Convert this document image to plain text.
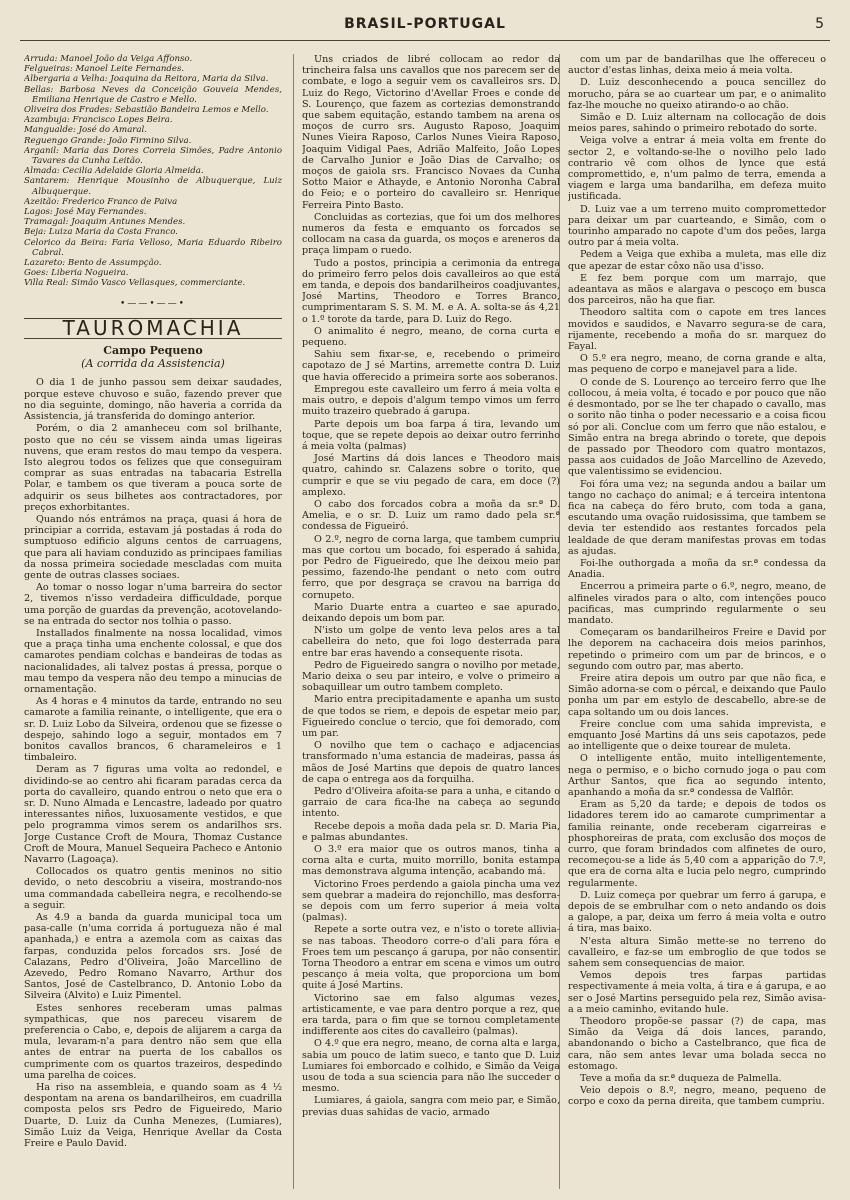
BRASIL-PORTUGAL	5
Arruda: Manoel João da Veiga Affonso.
Felgueiras: Manoel Leite Fernandes.
Albergaria a Velha: Joaquina da Reitora, Maria da Silva.
Bellas: Barbosa Neves da Conceição Gouveia Mendes, Emiliana Henrique de Castro e Mello.
Oliveira dos Frades: Sebastião Bandeira Lemos e Mello.
Azambuja: Francisco Lopes Beira.
Mangualde: José do Amaral.
Reguengo Grande: João Firmino Silva.
Arganil: Maria das Dores Correia Simões, Padre Antonio Tavares da Cunha Leitão.
Almada: Cecilia Adelaide Gloria Almeida.
Santarem: Henrique Mousinho de Albuquerque, Luiz Albuquerque.
Azeitão: Frederico Franco de Paiva
Lagos: José May Fernandes.
Tramagal: Joaquim Antunes Mendes.
Beja: Luiza Maria da Costa Franco.
Celorico da Beira: Faria Velloso, Maria Eduardo Ribeiro Cabral.
Lazareto: Bento de Assumpção.
Goes: Liberia Nogueira.
Villa Real: Simão Vasco Vellasques, commerciante.
•——•——•
TAUROMACHIA
Campo Pequeno
(A corrida da Assistencia)

O dia 1 de junho passou sem deixar saudades, porque esteve chuvoso e suão, fazendo prever que no dia seguinte, domingo, não haveria a corrida da Assistencia, já transferida do domingo anterior.

Porém, o dia 2 amanheceu com sol brilhante, posto que no céu se vissem ainda umas ligeiras nuvens, que eram restos do mau tempo da vespera. Isto alegrou todos os felizes que que conseguiram comprar as suas entradas na tabacaria Estrella Polar, e tambem os que tiveram a pouca sorte de adquirir os seus bilhetes aos contractadores, por preços exhorbitantes.

Quando nós entrámos na praça, quasi á hora de principiar a corrida, estavam já postadas á roda do sumptuoso edificio alguns centos de carruagens, que para ali haviam conduzido as principaes familias da nossa primeira sociedade mescladas com muita gente de outras classes sociaes.

Ao tomar o nosso logar n'uma barreira do sector 2, tivemos n'isso verdadeira difficuldade, porque uma porção de guardas da prevenção, acotovelando-se na entrada do sector nos tolhia o passo.

Installados finalmente na nossa localidad, vimos que a praça tinha uma enchente colossal, e que dos camarotes pendiam colchas e bandeiras de todas as nacionalidades, ali talvez postas á pressa, porque o mau tempo da vespera não deu tempo a minucias de ornamentação.

As 4 horas e 4 minutos da tarde, entrando no seu camarote a familia reinante, o intelligente, que era o sr. D. Luiz Lobo da Silveira, ordenou que se fizesse o despejo, sahindo logo a seguir, montados em 7 bonitos cavallos brancos, 6 charameleiros e 1 timbaleiro.

Deram as 7 figuras uma volta ao redondel, e dividindo-se ao centro ahi ficaram paradas cerca da porta do cavalleiro, quando entrou o neto que era o sr. D. Nuno Almada e Lencastre, ladeado por quatro interessantes niños, luxuosamente vestidos, e que pelo programma vimos serem os andarilhos srs. Jorge Custance Croft de Moura, Thomaz Custance Croft de Moura, Manuel Sequeira Pacheco e Antonio Navarro (Lagoaça).

Collocados os quatro gentis meninos no sitio devido, o neto descobriu a viseira, mostrando-nos uma commandada cabelleira negra, e recolhendo-se a seguir.

As 4.9 a banda da guarda municipal toca um pasa-calle (n'uma corrida á portugueza não é mal apanhada,) e entra a azemola com as caixas das farpas, conduzida pelos forcados srs. José de Calazans, Pedro d'Oliveira, João Marcellino de Azevedo, Pedro Romano Navarro, Arthur dos Santos, José de Castelbranco, D. Antonio Lobo da Silveira (Alvito) e Luiz Pimentel.

Estes senhores receberam umas palmas sympathicas, que nos pareceu visarem de preferencia o Cabo, e, depois de alijarem a carga da mula, levaram-n'a para dentro não sem que ella antes de entrar na puerta de los caballos os cumprimente com os quartos trazeiros, despedindo uma parelha de coices.

Ha riso na assembleia, e quando soam as 4 ½ despontam na arena os bandarilheiros, em cuadrilla composta pelos srs Pedro de Figueiredo, Mario Duarte, D. Luiz da Cunha Menezes, (Lumiares), Simão Luiz da Veiga, Henrique Avellar da Costa Freire e Paulo David.

Uns criados de libré collocam ao redor da trincheira falsa uns cavallos que nos parecem ser de combate, e logo a seguir vem os cavalleiros srs. D. Luiz do Rego, Victorino d'Avellar Froes e conde de S. Lourenço, que fazem as cortezias demonstrando que sabem equitação, estando tambem na arena os moços de curro srs. Augusto Raposo, Joaquim Nunes Vieira Raposo, Carlos Nunes Vieira Raposo, Joaquim Vidigal Paes, Adrião Malfeito, João Lopes de Carvalho Junior e João Dias de Carvalho; os moços de gaiola srs. Francisco Novaes da Cunha Sotto Maior e Athayde, e Antonio Noronha Cabral do Feio; e o porteiro do cavalleiro sr. Henrique Ferreira Pinto Basto.

Concluidas as cortezias, que foi um dos melhores numeros da festa e emquanto os forcados se collocam na casa da guarda, os moços e areneros da praça limpam o ruedo.

Tudo a postos, principia a cerimonia da entrega do primeiro ferro pelos dois cavalleiros ao que está em tanda, e depois dos bandarilheiros coadjuvantes, José Martins, Theodoro e Torres Branco, cumprimentaram S. S. M. M. e A. A. solta-se ás 4,21 o 1.º torote da tarde, para D. Luiz do Rego.

O animalito é negro, meano, de corna curta e pequeno.

Sahiu sem fixar-se, e, recebendo o primeiro capotazo de J sé Martins, arremette contra D. Luiz que havia offerecido a primeira sorte aos soberanos.

Empregou este cavalleiro um ferro á meia volta e mais outro, e depois d'algum tempo vimos um ferro muito trazeiro quebrado á garupa.

Parte depois um boa farpa á tira, levando um toque, que se repete depois ao deixar outro ferrinho á meia volta (palmas)

José Martins dá dois lances e Theodoro mais quatro, cahindo sr. Calazens sobre o torito, que cumprir e que se viu pegado de cara, em doce (?) amplexo.

O cabo dos forcados cobra a moña da sr.ª D. Amelia, e o sr. D. Luiz um ramo dado pela sr.ª condessa de Figueiró.

O 2.º, negro de corna larga, que tambem cumpriu mas que cortou um bocado, foi esperado á sahida, por Pedro de Figueiredo, que lhe deixou meio par pessimo, fazendo-lhe pendant o neto com outro ferro, que por desgraça se cravou na barriga do cornupeto.

Mario Duarte entra a cuarteo e sae apurado, deixando depois um bom par.

N'isto um golpe de vento leva pelos ares a tal cabelleira do neto, que foi logo desterrada para entre bar eras havendo a consequente risota.

Pedro de Figueiredo sangra o novilho por metade, Mario deixa o seu par inteiro, e volve o primeiro a sobaquillear um outro tambem completo.

Mario entra precipitadamente e apanha um susto de que todos se riem, e depois de espetar meio par, Figueiredo conclue o tercio, que foi demorado, com um par.

O novilho que tem o cachaço e adjacencias transformado n'uma estancia de madeiras, passa ás mãos de José Martins que depois de quatro lances de capa o entrega aos da forquilha.

Pedro d'Oliveira afoita-se para a unha, e citando o garraio de cara fica-lhe na cabeça ao segundo intento.

Recebe depois a moña dada pela sr. D. Maria Pia, e palmas abundantes.

O 3.º era maior que os outros manos, tinha a corna alta e curta, muito morrillo, bonita estampa mas demonstrava alguma intenção, acabando má.

Victorino Froes perdendo a gaiola pincha uma vez sem quebrar a madeira do rejonchillo, mas desforra-se depois com um ferro superior á meia volta (palmas).

Repete a sorte outra vez, e n'isto o torete allivia-se nas taboas. Theodoro corre-o d'ali para fóra e Froes tem um pescanço á garupa, por não consentir. Torna Theodoro a entrar em scena e vimos um outro pescanço á meia volta, que proporciona um bom quite á José Martins.

Victorino sae em falso algumas vezes, artisticamente, e vae para dentro porque a rez, que era tarda, para o fim que se tornou completamente indifferente aos cites do cavalleiro (palmas).

O 4.º que era negro, meano, de corna alta e larga, sabia um pouco de latim sueco, e tanto que D. Luiz Lumiares foi emborcado e colhido, e Simão da Veiga usou de toda a sua sciencia para não lhe succeder o mesmo.

Lumiares, á gaiola, sangra com meio par, e Simão, previas duas sahidas de vacio, armado

com um par de bandarilhas que lhe offereceu o auctor d'estas linhas, deixa meio á meia volta.

D. Luiz desconhecendo a pouca sencillez do morucho, pára se ao cuartear um par, e o animalito faz-lhe mouche no queixo atirando-o ao chão.

Simão e D. Luiz alternam na collocação de dois meios pares, sahindo o primeiro rebotado do sorte.

Veiga volve a entrar á meia volta em frente do sector 2, e voltando-se-lhe o novilho pelo lado contrario vê com olhos de lynce que está compromettido, e, n'um palmo de terra, emenda a viagem e larga uma bandarilha, em defeza muito justificada.

D. Luiz vae a um terreno muito compromettedor para deixar um par cuarteando, e Simão, com o tourinho amparado no capote d'um dos peões, larga outro par á meia volta.

Pedem a Veiga que exhiba a muleta, mas elle diz que apezar de estar côxo não usa d'isso.

E fez bem porque com um marrajo, que adeantava as mãos e alargava o pescoço em busca dos parceiros, não ha que fiar.

Theodoro saltita com o capote em tres lances movidos e saudidos, e Navarro segura-se de cara, rijamente, recebendo a moña do sr. marquez do Fayal.

O 5.º era negro, meano, de corna grande e alta, mas pequeno de corpo e manejavel para a lide.

O conde de S. Lourenço ao terceiro ferro que lhe collocou, á meia volta, é tocado e por pouco que não é desmontado, por se lhe ter chapado o cavallo, mas o sorito não tinha o poder necessario e a coisa ficou só por ali. Conclue com um ferro que não estalou, e Simão entra na brega abrindo o torete, que depois de passado por Theodoro com quatro montazos, passa aos cuidados de João Marcellino de Azevedo, que valentissimo se evidenciou.

Foi fóra uma vez; na segunda andou a bailar um tango no cachaço do animal; e á terceira intentona fica na cabeça do féro bruto, com toda a gana, escutando uma ovação ruidosissima, que tambem se devia ter estendido aos restantes forcados pela lealdade de que deram manifestas provas em todas as ajudas.

Foi-lhe outhorgada a moña da sr.ª condessa da Anadia.

Encerrou a primeira parte o 6.º, negro, meano, de alfineles virados para o alto, com intenções pouco pacificas, mas cumprindo regularmente o seu mandato.

Começaram os bandarilheiros Freire e David por lhe deporem na cachaceira dois meios parinhos, repetindo o primeiro com um par de brincos, e o segundo com outro par, mas aberto.

Freire atira depois um outro par que não fica, e Simão adorna-se com o pércal, e deixando que Paulo ponha um par em estylo de descabello, abre-se de capa soltando um ou dois lances.

Freire conclue com uma sahida imprevista, e emquanto José Martins dá uns seis capotazos, pede ao intelligente que o deixe tourear de muleta.

O intelligente então, muito intelligentemente, nega o permiso, e o bicho cornudo joga o pau com Arthur Santos, que fica ao segundo intento, apanhando a moña da sr.ª condessa de Valflôr.

Eram as 5,20 da tarde; e depois de todos os lidadores terem ido ao camarote cumprimentar a familia reinante, onde receberam cigarreiras e phosphoreiras de prata, com exclusão dos moços de curro, que foram brindados com alfinetes de ouro, recomeçou-se a lide ás 5,40 com a apparição do 7.º, que era de corna alta e lucia pelo negro, cumprindo regularmente.

D. Luiz começa por quebrar um ferro á garupa, e depois de se embrulhar com o neto andando os dois a galope, a par, deixa um ferro á meia volta e outro á tira, mas baixo.

N'esta altura Simão mette-se no terreno do cavalleiro, e faz-se um embroglio de que todos se sahem sem consequencias de maior.

Vemos depois tres farpas partidas respectivamente á meia volta, á tira e á garupa, e ao ser o José Martins perseguido pela rez, Simão avisa-a a meio caminho, evitando hule.

Theodoro propõe-se passar (?) de capa, mas Simão da Veiga dá dois lances, parando, abandonando o bicho a Castelbranco, que fica de cara, não sem antes levar uma bolada secca no estomago.

Teve a moña da sr.ª duqueza de Palmella.

Veio depois o 8.º, negro, meano, pequeno de corpo e coxo da perna direita, que tambem cumpriu.
